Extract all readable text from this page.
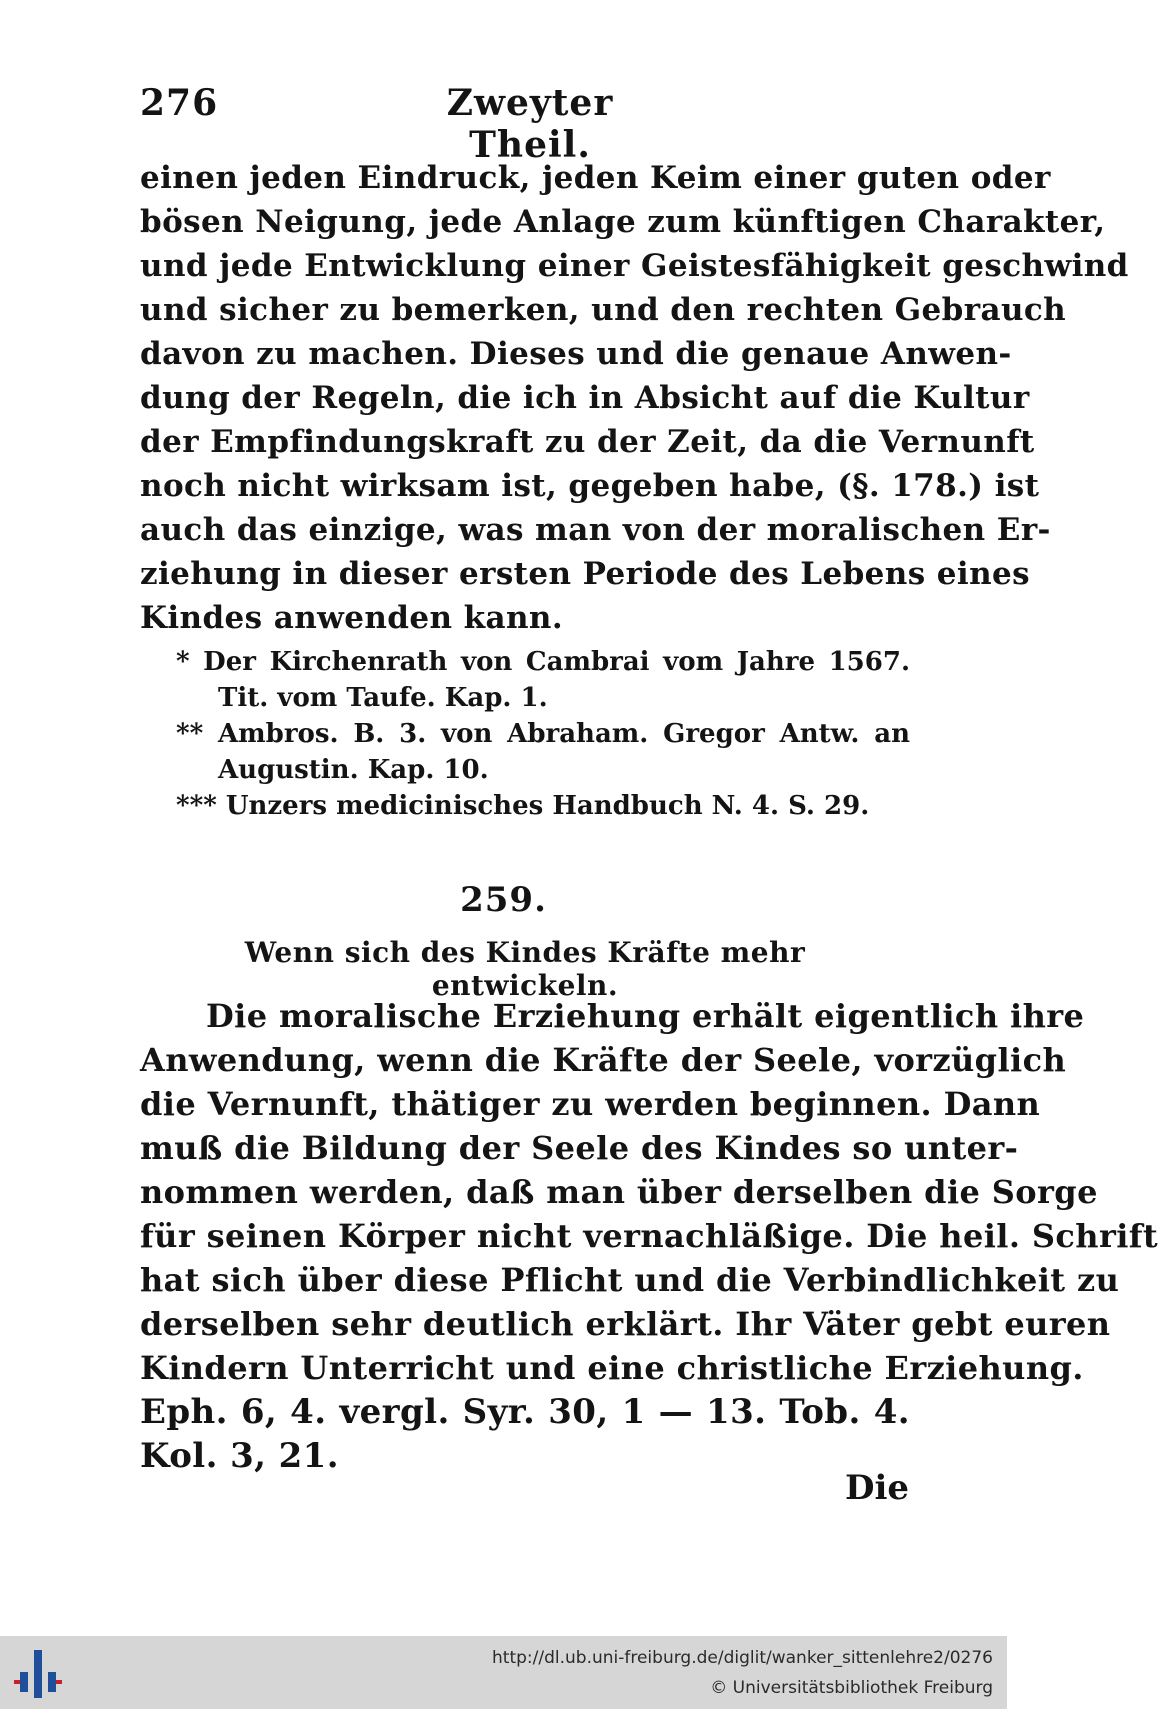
276	Zweyter Theil.
einen jeden Eindruck, jeden Keim einer guten oder
bösen Neigung, jede Anlage zum künftigen Charakter,
und jede Entwicklung einer Geistesfähigkeit geschwind
und sicher zu bemerken, und den rechten Gebrauch
davon zu machen. Dieses und die genaue Anwen-
dung der Regeln, die ich in Absicht auf die Kultur
der Empfindungskraft zu der Zeit, da die Vernunft
noch nicht wirksam ist, gegeben habe, (§. 178.) ist
auch das einzige, was man von der moralischen Er-
ziehung in dieser ersten Periode des Lebens eines
Kindes anwenden kann.
* Der Kirchenrath von Cambrai vom Jahre 1567.
Tit. vom Taufe. Kap. 1.
** Ambros. B. 3. von Abraham. Gregor Antw. an
Augustin. Kap. 10.
*** Unzers medicinisches Handbuch N. 4. S. 29.
259.
Wenn sich des Kindes Kräfte mehr entwickeln.
Die moralische Erziehung erhält eigentlich ihre
Anwendung, wenn die Kräfte der Seele, vorzüglich
die Vernunft, thätiger zu werden beginnen. Dann
muß die Bildung der Seele des Kindes so unter-
nommen werden, daß man über derselben die Sorge
für seinen Körper nicht vernachläßige. Die heil. Schrift
hat sich über diese Pflicht und die Verbindlichkeit zu
derselben sehr deutlich erklärt. Ihr Väter gebt euren
Kindern Unterricht und eine christliche Erziehung.
Eph. 6, 4. vergl. Syr. 30, 1 — 13. Tob. 4.
Kol. 3, 21.
Die
http://dl.ub.uni-freiburg.de/diglit/wanker_sittenlehre2/0276
© Universitätsbibliothek Freiburg
